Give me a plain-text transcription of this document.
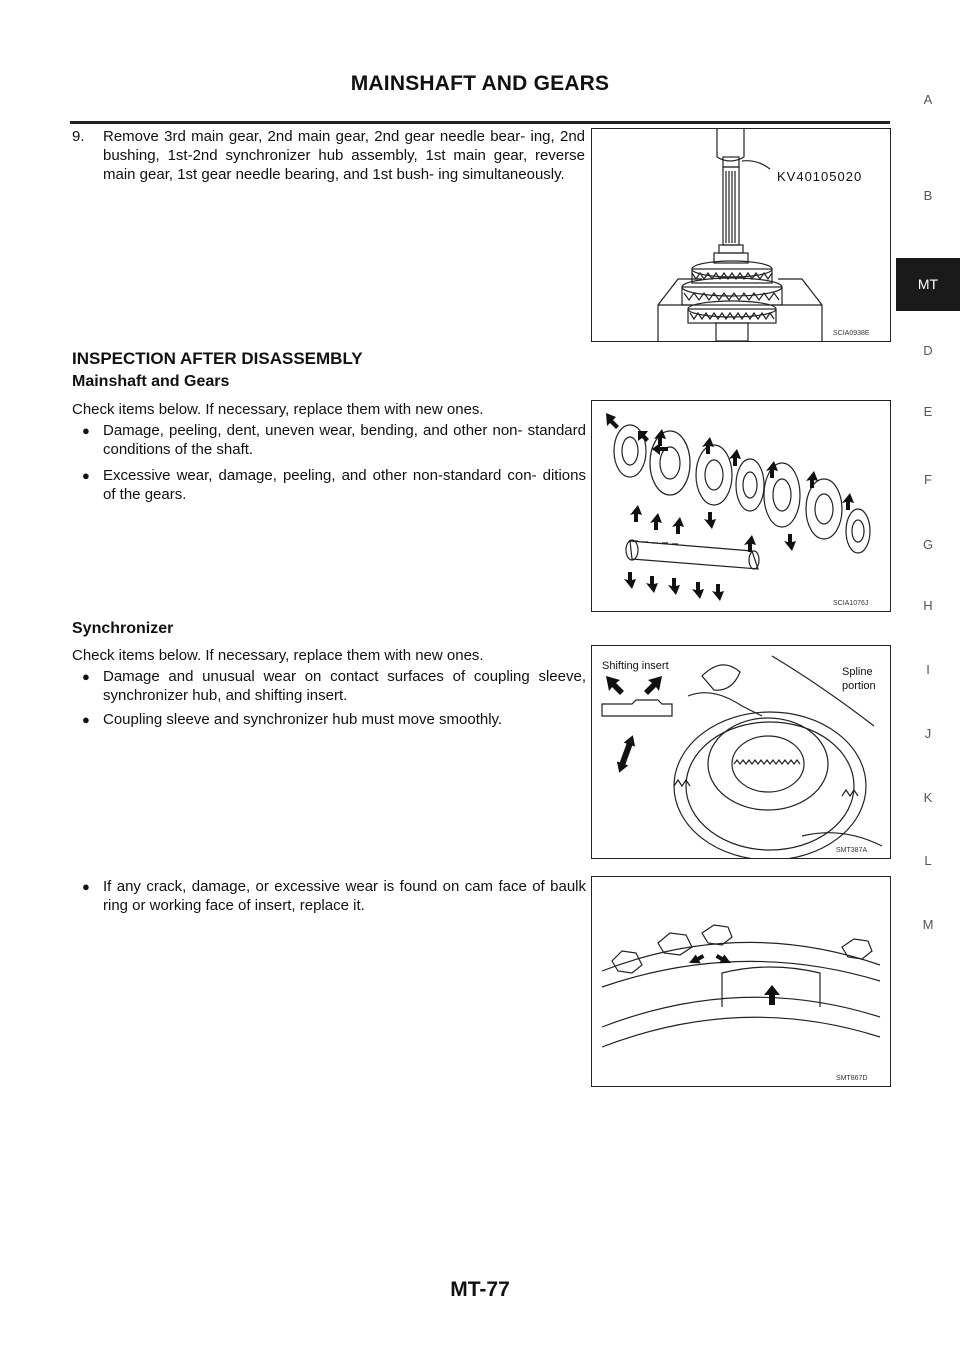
MAINSHAFT AND GEARS
9. Remove 3rd main gear, 2nd main gear, 2nd gear needle bear- ing, 2nd bushing, 1st-2nd synchronizer hub assembly, 1st main gear, reverse main gear, 1st gear needle bearing, and 1st bush- ing simultaneously.	KV40105020
SCIA0938E
INSPECTION AFTER DISASSEMBLY
Mainshaft and Gears
Check items below. If necessary, replace them with new ones.
● Damage, peeling, dent, uneven wear, bending, and other non- standard conditions of the shaft.
● Excessive wear, damage, peeling, and other non-standard con- ditions of the gears.
SCIA1076J
Synchronizer
Check items below. If necessary, replace them with new ones.
● Damage and unusual wear on contact surfaces of coupling sleeve, synchronizer hub, and shifting insert.
● Coupling sleeve and synchronizer hub must move smoothly.
Shifting insert	Spline
portion
SMT387A
● If any crack, damage, or excessive wear is found on cam face of baulk ring or working face of insert, replace it.
SMT867D
A
B
MT
D
E
F
G
H
I
J
K
L
M
MT-77
